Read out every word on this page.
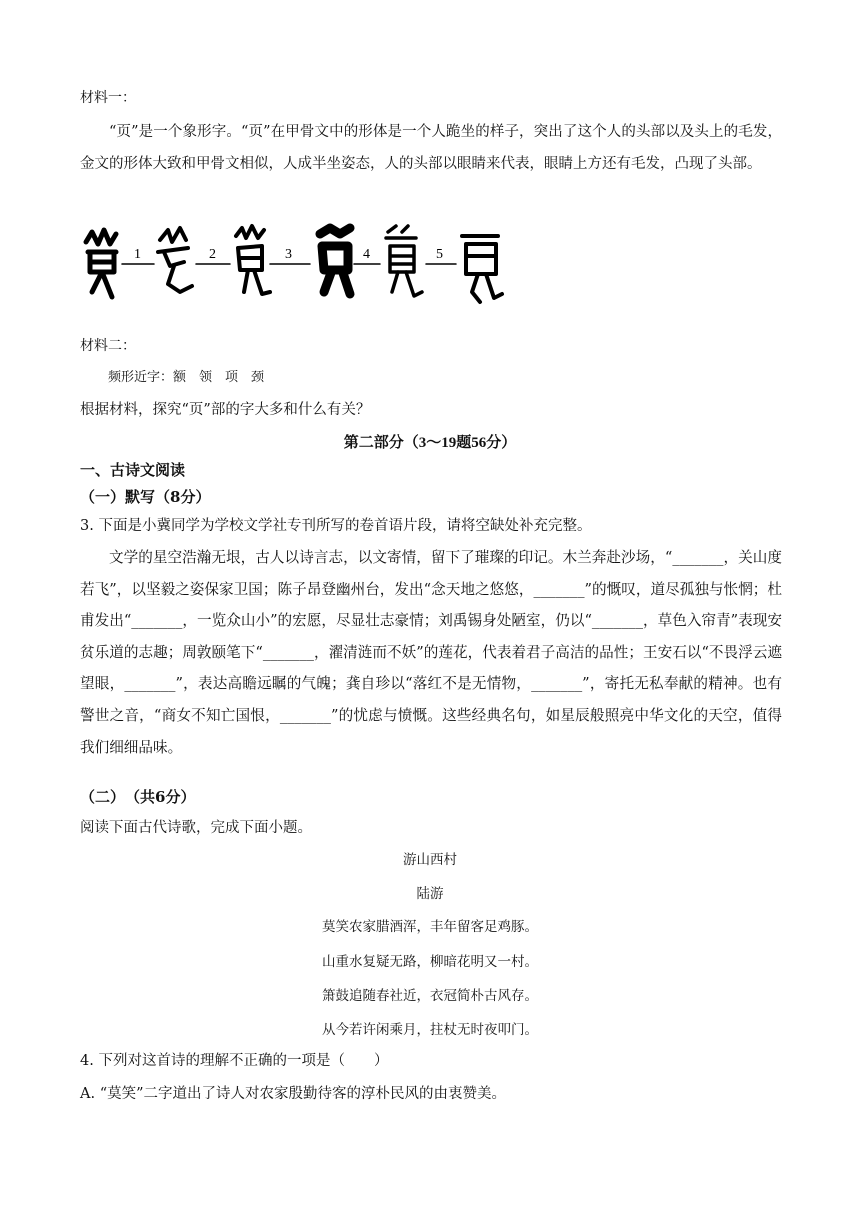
材料一：

“页”是一个象形字。“页”在甲骨文中的形体是一个人跪坐的样子，突出了这个人的头部以及头上的毛发，金文的形体大致和甲骨文相似，人成半坐姿态，人的头部以眼睛来代表，眼睛上方还有毛发，凸现了头部。

1	2	3	4	5
材料二：
频形近字：额　领　项　颈
根据材料，探究“页”部的字大多和什么有关？
第二部分（3～19题56分）
一、古诗文阅读
（一）默写（8分）
3. 下面是小冀同学为学校文学社专刊所写的卷首语片段，请将空缺处补充完整。

文学的星空浩瀚无垠，古人以诗言志，以文寄情，留下了璀璨的印记。木兰奔赴沙场，“_______，关山度若飞”，以坚毅之姿保家卫国；陈子昂登幽州台，发出“念天地之悠悠，_______”的慨叹，道尽孤独与怅惘；杜甫发出“_______，一览众山小”的宏愿，尽显壮志豪情；刘禹锡身处陋室，仍以“_______，草色入帘青”表现安贫乐道的志趣；周敦颐笔下“_______，濯清涟而不妖”的莲花，代表着君子高洁的品性；王安石以“不畏浮云遮望眼，_______”，表达高瞻远瞩的气魄；龚自珍以“落红不是无情物，_______”，寄托无私奉献的精神。也有警世之音，“商女不知亡国恨，_______”的忧虑与愤慨。这些经典名句，如星辰般照亮中华文化的天空，值得我们细细品味。

（二）　（共6分）
阅读下面古代诗歌，完成下面小题。
游山西村
陆游
莫笑农家腊酒浑，丰年留客足鸡豚。
山重水复疑无路，柳暗花明又一村。
箫鼓追随春社近，衣冠简朴古风存。
从今若许闲乘月，拄杖无时夜叩门。
4. 下列对这首诗的理解不正确的一项是（　　）
A. “莫笑”二字道出了诗人对农家殷勤待客的淳朴民风的由衷赞美。
